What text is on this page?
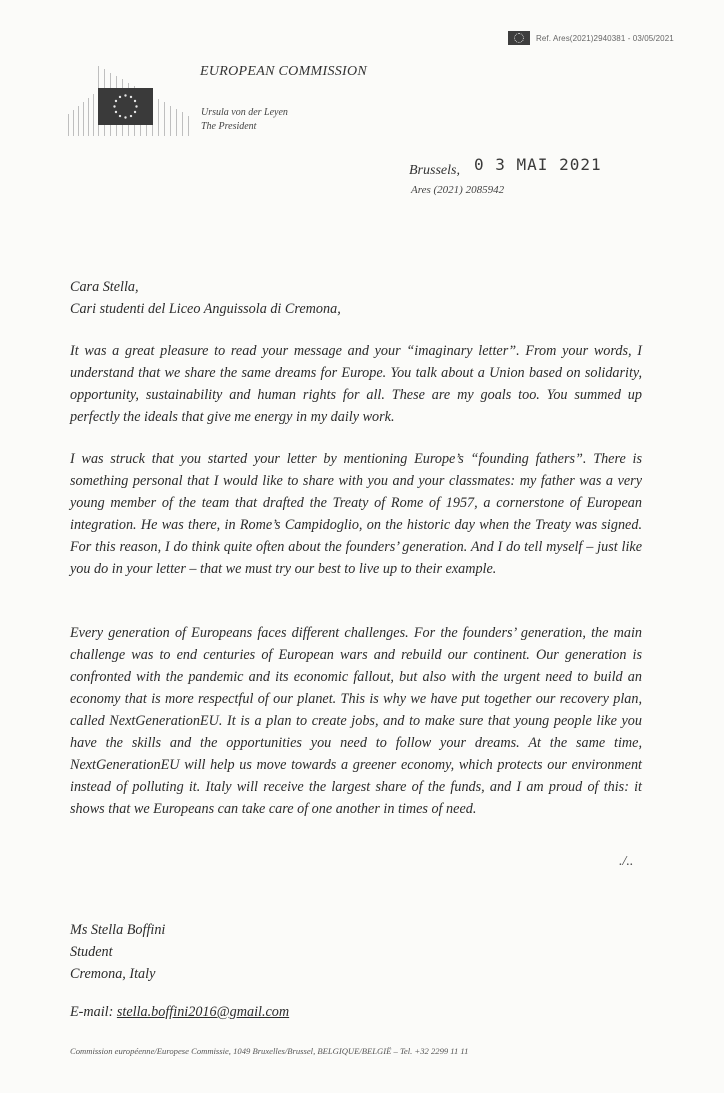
Ref. Ares(2021)2940381 - 03/05/2021
EUROPEAN COMMISSION
Ursula von der Leyen
The President
Brussels, 0 3 MAI 2021
Ares (2021) 2085942

Cara Stella,

Cari studenti del Liceo Anguissola di Cremona,

It was a great pleasure to read your message and your “imaginary letter”. From your words, I understand that we share the same dreams for Europe. You talk about a Union based on solidarity, opportunity, sustainability and human rights for all. These are my goals too. You summed up perfectly the ideals that give me energy in my daily work.
I was struck that you started your letter by mentioning Europe’s “founding fathers”. There is something personal that I would like to share with you and your classmates: my father was a very young member of the team that drafted the Treaty of Rome of 1957, a cornerstone of European integration. He was there, in Rome’s Campidoglio, on the historic day when the Treaty was signed. For this reason, I do think quite often about the founders’ generation. And I do tell myself – just like you do in your letter – that we must try our best to live up to their example.
Every generation of Europeans faces different challenges. For the founders’ generation, the main challenge was to end centuries of European wars and rebuild our continent. Our generation is confronted with the pandemic and its economic fallout, but also with the urgent need to build an economy that is more respectful of our planet. This is why we have put together our recovery plan, called NextGenerationEU. It is a plan to create jobs, and to make sure that young people like you have the skills and the opportunities you need to follow your dreams. At the same time, NextGenerationEU will help us move towards a greener economy, which protects our environment instead of polluting it. Italy will receive the largest share of the funds, and I am proud of this: it shows that we Europeans can take care of one another in times of need.
./..
Ms Stella Boffini
Student
Cremona, Italy
E-mail: stella.boffini2016@gmail.com
Commission européenne/Europese Commissie, 1049 Bruxelles/Brussel, BELGIQUE/BELGIË – Tel. +32 2299 11 11
